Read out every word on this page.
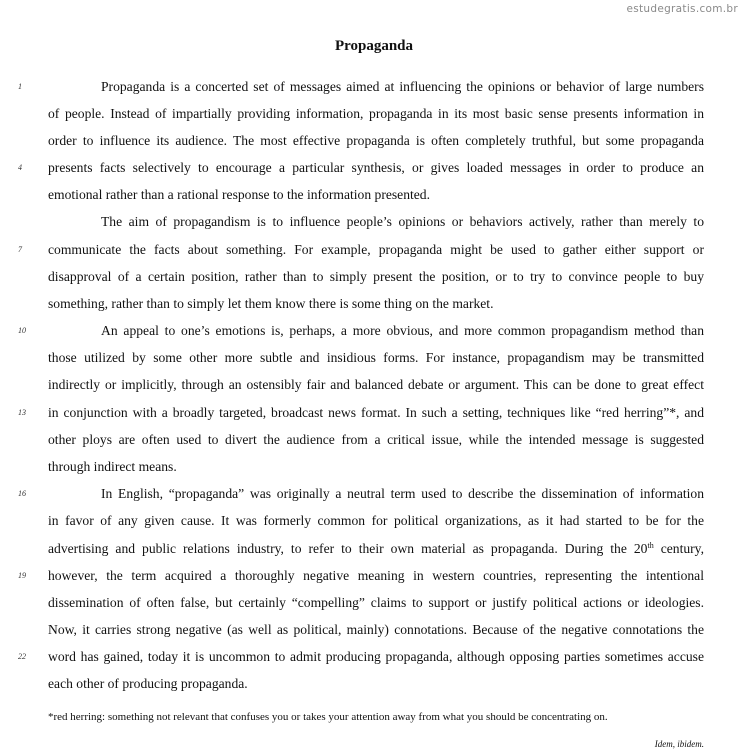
estudegratis.com.br
Propaganda
1
4
7
10
13
16
19
22
Propaganda is a concerted set of messages aimed at influencing the opinions or behavior of large numbers
of people. Instead of impartially providing information, propaganda in its most basic sense presents information in
order to influence its audience. The most effective propaganda is often completely truthful, but some propaganda
presents facts selectively to encourage a particular synthesis, or gives loaded messages in order to produce an
emotional rather than a rational response to the information presented.
The aim of propagandism is to influence people’s opinions or behaviors actively, rather than merely to
communicate the facts about something. For example, propaganda might be used to gather either support or
disapproval of a certain position, rather than to simply present the position, or to try to convince people to buy
something, rather than to simply let them know there is some thing on the market.
An appeal to one’s emotions is, perhaps, a more obvious, and more common propagandism method than
those utilized by some other more subtle and insidious forms. For instance, propagandism may be transmitted
indirectly or implicitly, through an ostensibly fair and balanced debate or argument. This can be done to great effect
in conjunction with a broadly targeted, broadcast news format. In such a setting, techniques like “red herring”*, and
other ploys are often used to divert the audience from a critical issue, while the intended message is suggested
through indirect means.
In English, “propaganda” was originally a neutral term used to describe the dissemination of information
in favor of any given cause. It was formerly common for political organizations, as it had started to be for the
advertising and public relations industry, to refer to their own material as propaganda. During the 20th century,
however, the term acquired a thoroughly negative meaning in western countries, representing the intentional
dissemination of often false, but certainly “compelling” claims to support or justify political actions or ideologies.
Now, it carries strong negative (as well as political, mainly) connotations. Because of the negative connotations the
word has gained, today it is uncommon to admit producing propaganda, although opposing parties sometimes accuse
each other of producing propaganda.
*red herring: something not relevant that confuses you or takes your attention away from what you should be concentrating on.
Idem, ibidem.
